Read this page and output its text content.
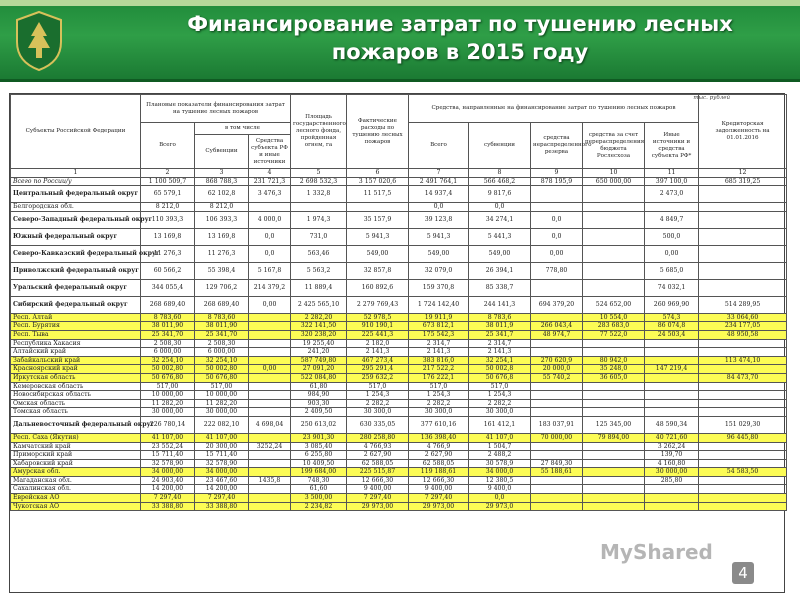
Финансирование затрат по тушению лесных
пожаров в 2015 году
тыс. рублей
Субъекты Российской Федерации	Плановые показатели финансирования затрат на тушение лесных пожаров			Площадь государственного лесного фонда, пройденная огнем, га	Фактические расходы по тушению лесных пожаров	Средства, направленные на финансирование затрат по тушению лесных пожаров					Кредиторская задолженность на 01.01.2016
	Всего	в том числе				Всего	субвенции	средства нераспределенного резерва	средства за счет перераспределения бюджета Рослесхоза	Иные источники и средства субъекта РФ*	
		Субвенции	Средства субъекта РФ и иные источники								
1	2	3	4	5	6	7	8	9	10	11	12
Всего по России/у	1 100 509,7	868 788,3	231 721,3	2 698 532,3	3 157 020,6	2 491 764,1	566 468,2	878 195,9	650 000,00	397 100,0	685 319,25
Центральный федеральный округ	65 579,1	62 102,8	3 476,3	1 332,8	11 517,5	14 937,4	9 817,6			2 473,0	
Белгородская обл.	8 212,0	8 212,0				0,0	0,0				
Северо-Западный федеральный округ	110 393,3	106 393,3	4 000,0	1 974,3	35 157,9	39 123,8	34 274,1	0,0		4 849,7	
Южный федеральный округ	13 169,8	13 169,8	0,0	731,0	5 941,3	5 941,3	5 441,3	0,0		500,0	
Северо-Кавказский федеральный округ	11 276,3	11 276,3	0,0	563,46	549,00	549,00	549,00	0,00		0,00	
Приволжский федеральный округ	60 566,2	55 398,4	5 167,8	5 563,2	32 857,8	32 079,0	26 394,1	778,80		5 685,0	
Уральский федеральный округ	344 055,4	129 706,2	214 379,2	11 889,4	160 892,6	159 370,8	85 338,7			74 032,1	
Сибирский федеральный округ	268 689,40	268 689,40	0,00	2 425 565,10	2 279 769,43	1 724 142,40	244 141,3	694 379,20	524 652,00	260 969,90	514 289,95
Респ. Алтай	8 783,60	8 783,60		2 282,20	52 978,5	19 911,9	8 783,6		10 554,0	574,3	33 064,60
Респ. Бурятия	38 011,90	38 011,90		322 141,50	910 190,1	673 812,1	38 011,9	266 043,4	283 683,0	86 074,8	234 177,05
Респ. Тыва	25 341,70	25 341,70		320 238,20	225 441,3	175 542,3	25 341,7	48 974,7	77 522,0	24 503,4	48 950,58
Республика Хакасия	2 508,30	2 508,30		19 255,40	2 182,0	2 314,7	2 314,7				
Алтайский край	6 000,00	6 000,00		241,20	2 141,3	2 141,3	2 141,3				
Забайкальский край	32 254,10	32 254,10		587 749,80	467 273,4	383 816,0	32 254,1	270 620,9	80 942,0		113 474,10
Красноярский край	50 002,80	50 002,80	0,00	27 091,20	295 291,4	217 522,2	50 002,8	20 000,0	35 248,0	147 219,4	
Иркутская область	50 676,80	50 676,80		522 084,80	259 632,2	176 222,1	50 676,8	55 740,2	36 605,0		84 473,70
Кемеровская область	517,00	517,00		61,80	517,0	517,0	517,0				
Новосибирская область	10 000,00	10 000,00		984,90	1 254,3	1 254,3	1 254,3				
Омская область	11 282,20	11 282,20		903,30	2 282,2	2 282,2	2 282,2				
Томская область	30 000,00	30 000,00		2 409,50	30 300,0	30 300,0	30 300,0				
Дальневосточный федеральный округ	226 780,14	222 082,10	4 698,04	250 613,02	630 335,05	377 610,16	161 412,1	183 037,91	125 345,00	48 590,34	151 029,30
Респ. Саха (Якутия)	41 107,00	41 107,00		23 901,30	280 258,80	136 398,40	41 107,0	70 000,00	79 894,00	40 721,60	96 445,80
Камчатский край	23 552,24	20 300,00	3252,24	3 085,40	4 766,93	4 766,9	1 504,7			3 262,24	
Приморский край	15 711,40	15 711,40		6 255,80	2 627,90	2 627,90	2 488,2			139,70	
Хабаровский край	32 578,90	32 578,90		10 409,50	62 588,05	62 588,05	30 578,9	27 849,30		4 160,80	
Амурская обл.	34 000,00	34 000,00		199 684,00	225 515,87	119 188,61	34 000,0	55 188,61		30 000,00	54 583,50
Магаданская обл.	24 903,40	23 467,60	1435,8	748,30	12 666,30	12 666,30	12 380,5			285,80	
Сахалинская обл.	14 200,00	14 200,00		61,60	9 400,00	9 400,00	9 400,0				
Еврейская АО	7 297,40	7 297,40		3 500,00	7 297,40	7 297,40	0,0				
Чукотская АО	33 388,80	33 388,80		2 234,82	29 973,00	29 973,00	29 973,0				
MyShared
4
